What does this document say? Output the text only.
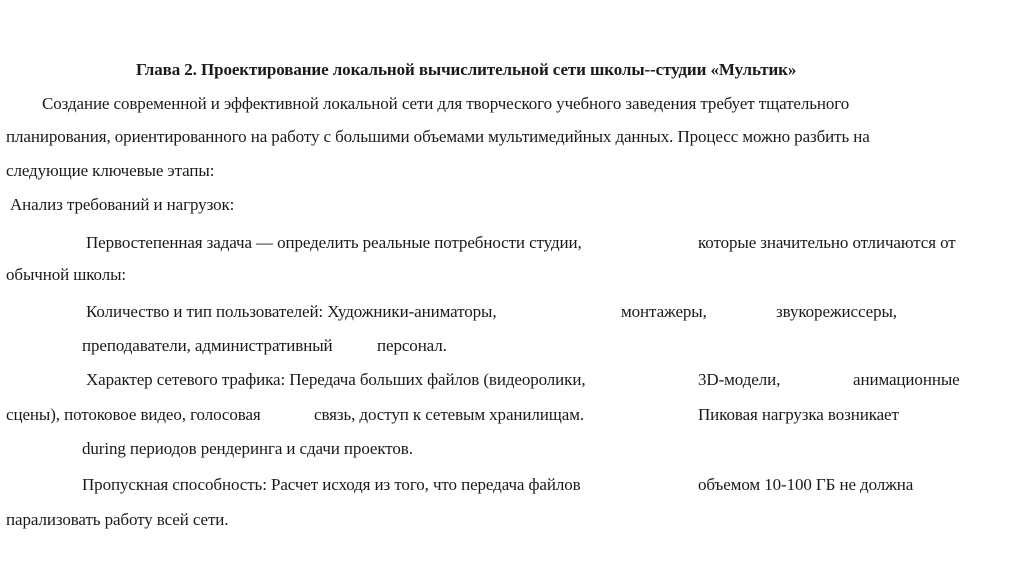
Глава 2. Проектирование локальной вычислительной сети школы--студии «Мультик»
Создание современной и эффективной локальной сети для творческого учебного заведения требует тщательного
планирования, ориентированного на работу с большими объемами мультимедийных данных. Процесс можно разбить на
следующие ключевые этапы:
Анализ требований и нагрузок:
Первостепенная задача — определить реальные потребности студии,	которые значительно отличаются от
обычной школы:
Количество и тип пользователей: Художники-аниматоры,	монтажеры,	звукорежиссеры,
преподаватели, административный	персонал.
Характер сетевого трафика: Передача больших файлов (видеоролики,	3D-модели,	анимационные
сцены), потоковое видео, голосовая	связь, доступ к сетевым хранилищам.	Пиковая нагрузка возникает
during периодов рендеринга и сдачи проектов.
Пропускная способность: Расчет исходя из того, что передача файлов	объемом 10-100 ГБ не должна
парализовать работу всей сети.
